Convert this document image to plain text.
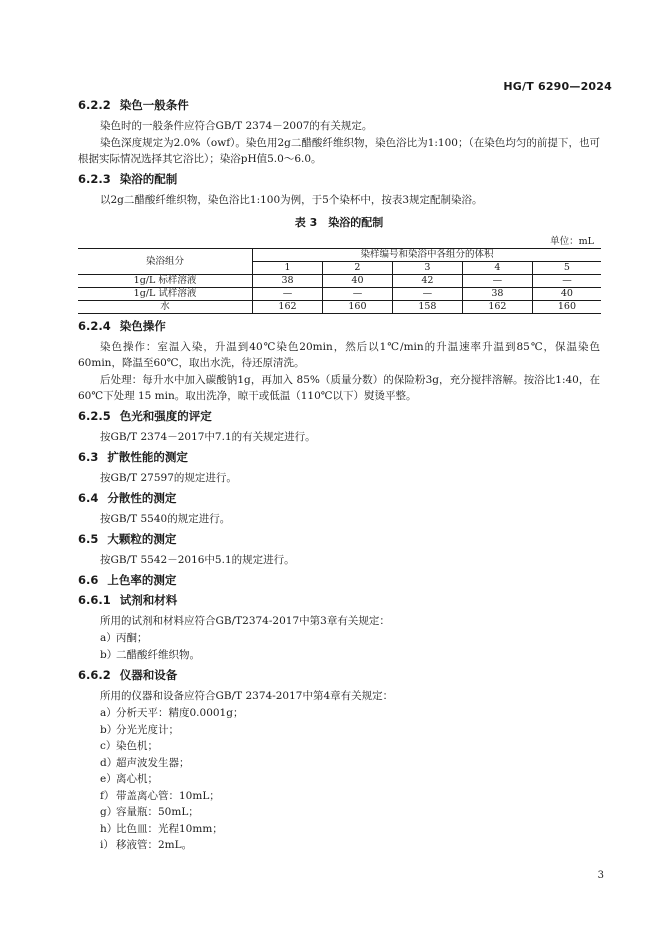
HG/T 6290—2024
6.2.2 染色一般条件

染色时的一般条件应符合GB/T 2374－2007的有关规定。

染色深度规定为2.0%（owf）。染色用2g二醋酸纤维织物，染色浴比为1:100；（在染色均匀的前提下，也可根据实际情况选择其它浴比）；染浴pH值5.0～6.0。

6.2.3 染浴的配制

以2g二醋酸纤维织物，染色浴比1:100为例，于5个染杯中，按表3规定配制染浴。

表 3　染浴的配制
单位：mL
染浴组分	染样编号和染浴中各组分的体积				
	1	2	3	4	5
1g/L 标样溶液	38	40	42	—	—
1g/L 试样溶液	—	—	—	38	40
水	162	160	158	162	160
6.2.4 染色操作

染色操作：室温入染，升温到40℃染色20min，然后以1℃/min的升温速率升温到85℃，保温染色60min，降温至60℃，取出水洗，待还原清洗。

后处理：每升水中加入碳酸钠1g，再加入 85%（质量分数）的保险粉3g，充分搅拌溶解。按浴比1:40，在60℃下处理 15 min。取出洗净，晾干或低温（110℃以下）熨烫平整。

6.2.5 色光和强度的评定

按GB/T 2374－2017中7.1的有关规定进行。

6.3 扩散性能的测定

按GB/T 27597的规定进行。

6.4 分散性的测定

按GB/T 5540的规定进行。

6.5 大颗粒的测定

按GB/T 5542－2016中5.1的规定进行。

6.6 上色率的测定
6.6.1 试剂和材料

所用的试剂和材料应符合GB/T2374-2017中第3章有关规定：

a）丙酮；
b）二醋酸纤维织物。
6.6.2 仪器和设备

所用的仪器和设备应符合GB/T 2374-2017中第4章有关规定：

a）分析天平：精度0.0001g；
b）分光光度计；
c）染色机；
d）超声波发生器；
e）离心机；
f） 带盖离心管：10mL；
g）容量瓶：50mL；
h）比色皿：光程10mm；
i） 移液管：2mL。
3
